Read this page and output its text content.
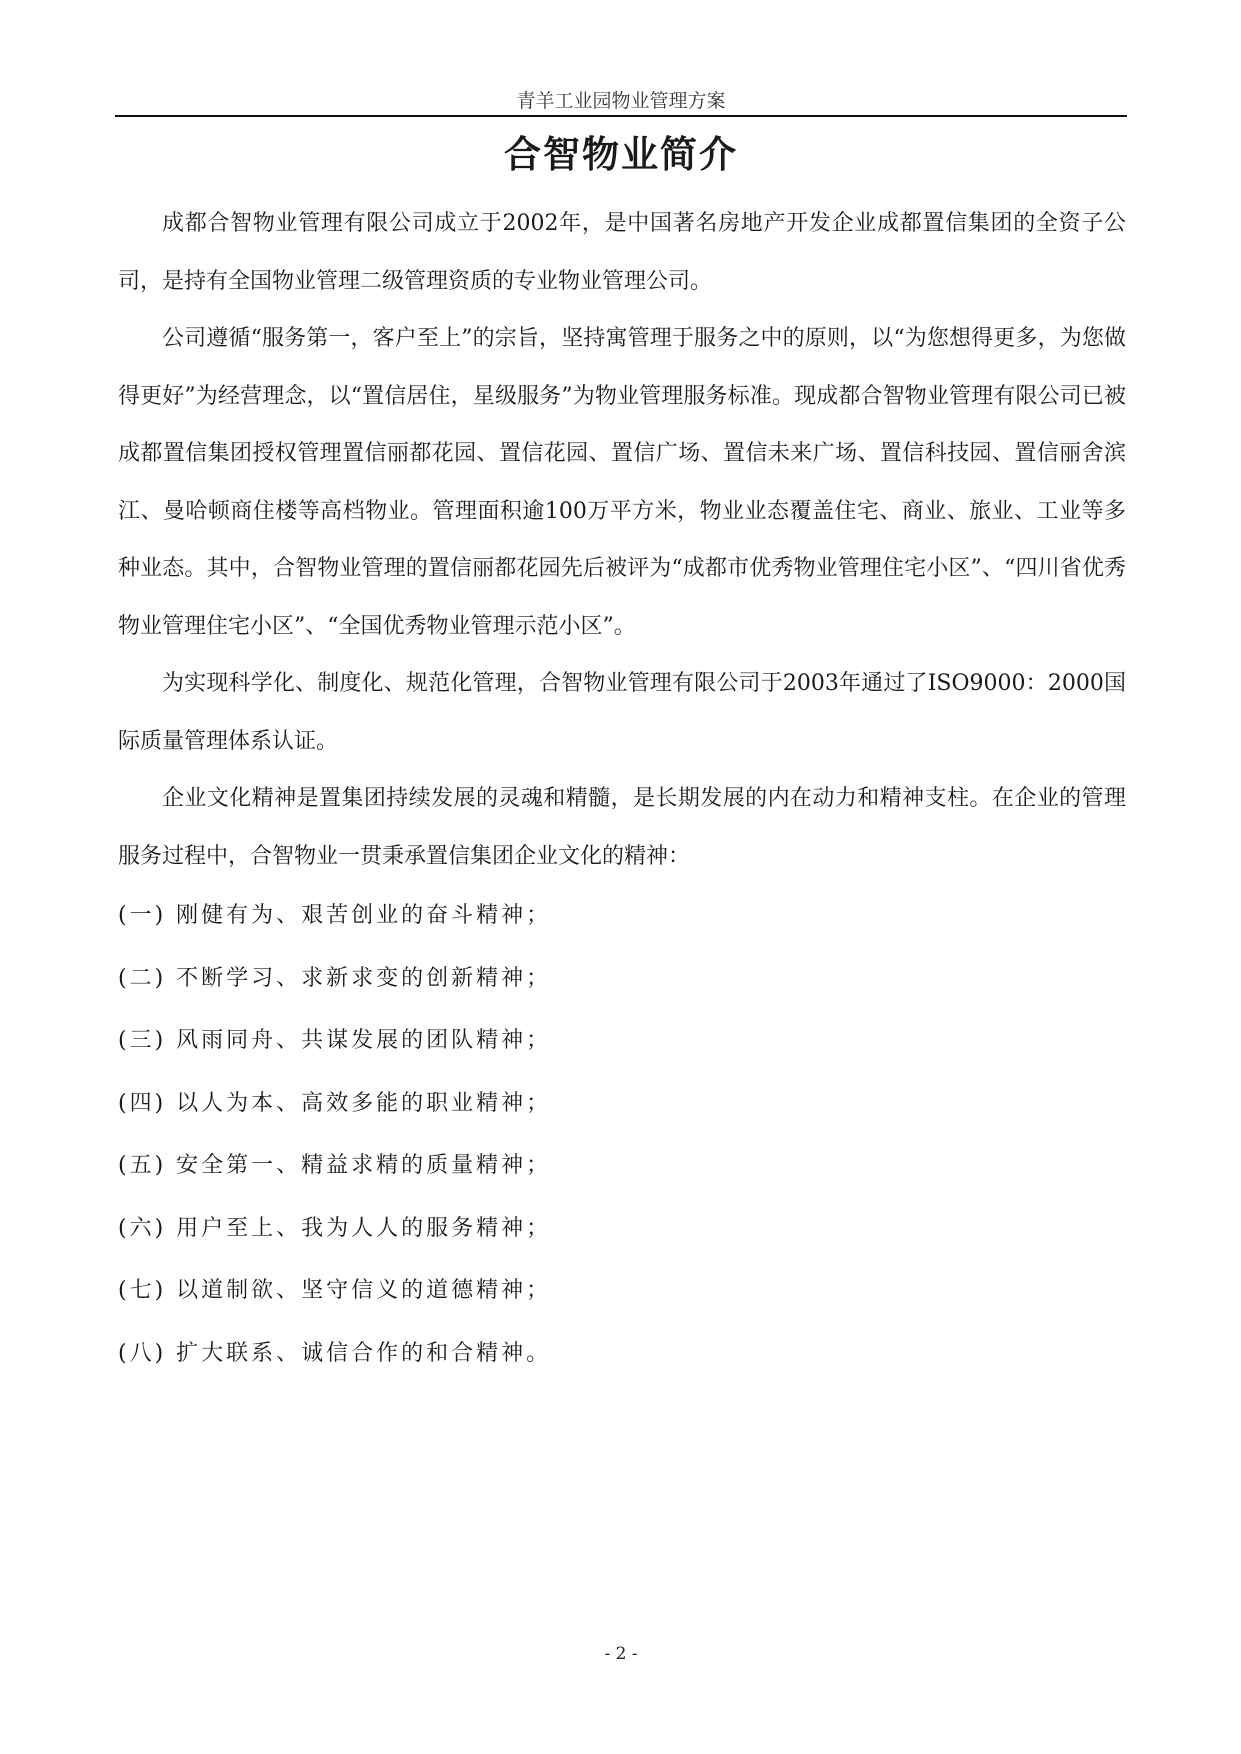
青羊工业园物业管理方案
合智物业简介

成都合智物业管理有限公司成立于2002年，是中国著名房地产开发企业成都置信集团的全资子公司，是持有全国物业管理二级管理资质的专业物业管理公司。

公司遵循“服务第一，客户至上”的宗旨，坚持寓管理于服务之中的原则，以“为您想得更多，为您做得更好”为经营理念，以“置信居住，星级服务”为物业管理服务标准。现成都合智物业管理有限公司已被成都置信集团授权管理置信丽都花园、置信花园、置信广场、置信未来广场、置信科技园、置信丽舍滨江、曼哈顿商住楼等高档物业。管理面积逾100万平方米，物业业态覆盖住宅、商业、旅业、工业等多种业态。其中，合智物业管理的置信丽都花园先后被评为“成都市优秀物业管理住宅小区”、“四川省优秀物业管理住宅小区”、“全国优秀物业管理示范小区”。

为实现科学化、制度化、规范化管理，合智物业管理有限公司于2003年通过了ISO9000：2000国际质量管理体系认证。

企业文化精神是置集团持续发展的灵魂和精髓，是长期发展的内在动力和精神支柱。在企业的管理服务过程中，合智物业一贯秉承置信集团企业文化的精神：

(一) 刚健有为、艰苦创业的奋斗精神；
(二) 不断学习、求新求变的创新精神；
(三) 风雨同舟、共谋发展的团队精神；
(四) 以人为本、高效多能的职业精神；
(五) 安全第一、精益求精的质量精神；
(六) 用户至上、我为人人的服务精神；
(七) 以道制欲、坚守信义的道德精神；
(八) 扩大联系、诚信合作的和合精神。
- 2 -
